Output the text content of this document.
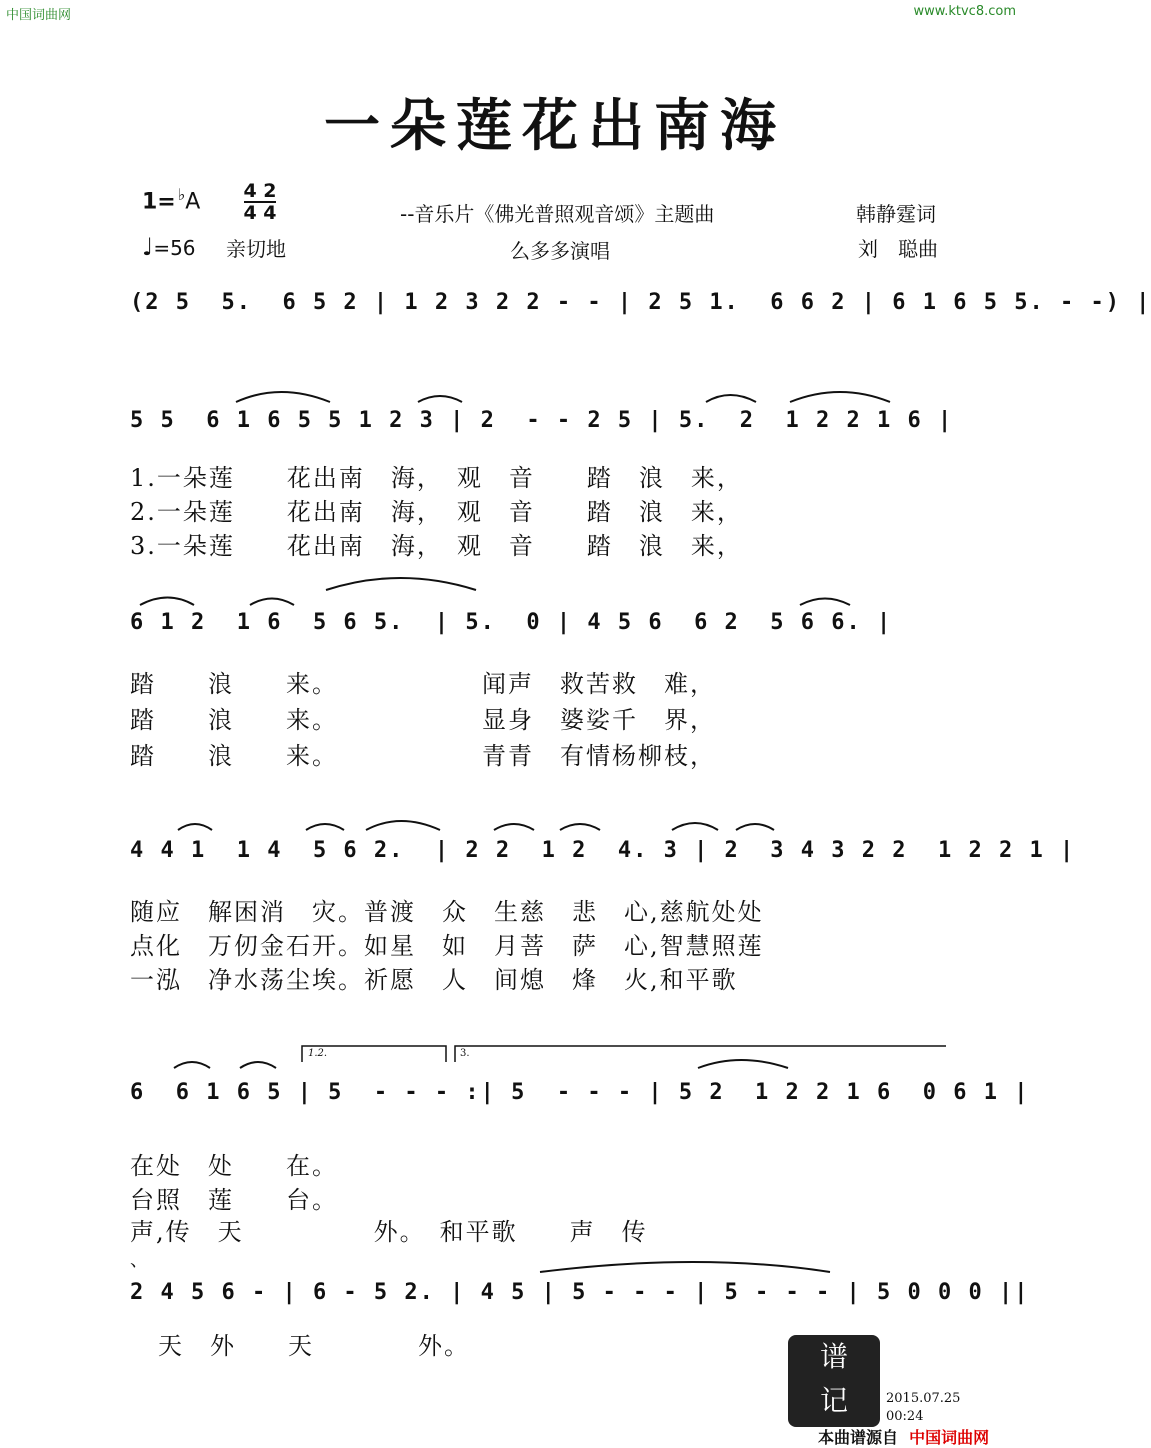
中国词曲网	www.ktvc8.com
一朵莲花出南海
1= ♭A 4 2
4 4	--音乐片《佛光普照观音颂》主题曲	韩静霆词
♩=56 亲切地	么多多演唱	刘　聪曲
(2 5  5.  6 5 2 | 1 2 3 2 2 - - | 2 5 1.  6 6 2 | 6 1 6 5 5. - -) |
5 5  6 1 6 5 5 1 2 3 | 2  - - 2 5 | 5.  2  1 2 2 1 6 |
1.一朵莲　　花出南　海，　观　音　　踏　浪　来，
2.一朵莲　　花出南　海，　观　音　　踏　浪　来，
3.一朵莲　　花出南　海，　观　音　　踏　浪　来，
6 1 2  1 6  5 6 5.  | 5.  0 | 4 5 6  6 2  5 6 6. |
踏　　浪　　来。　　　　　　闻声　救苦救　难，
踏　　浪　　来。　　　　　　显身　婆娑千　界，
踏　　浪　　来。　　　　　　青青　有情杨柳枝，
4 4 1  1 4  5 6 2.  | 2 2  1 2  4. 3 | 2  3 4 3 2 2  1 2 2 1 |
随应　解困消　灾。普渡　众　生慈　悲　心,慈航处处
点化　万仞金石开。如星　如　月菩　萨　心,智慧照莲
一泓　净水荡尘埃。祈愿　人　间熄　烽　火,和平歌
1.2.	3.
6  6 1 6 5 | 5  - - - :| 5  - - - | 5 2  1 2 2 1 6  0 6 1 |
在处　处　　在。
台照　莲　　台。
声,传　天　　　　　外。　和平歌　　声　传
、
2 4 5 6 - | 6 - 5 2. | 4 5 | 5 - - - | 5 - - - | 5 0 0 0 ||
天　外　　天　　　　外。	谱
记	2015.07.25
00:24
本曲谱源自 中国词曲网
